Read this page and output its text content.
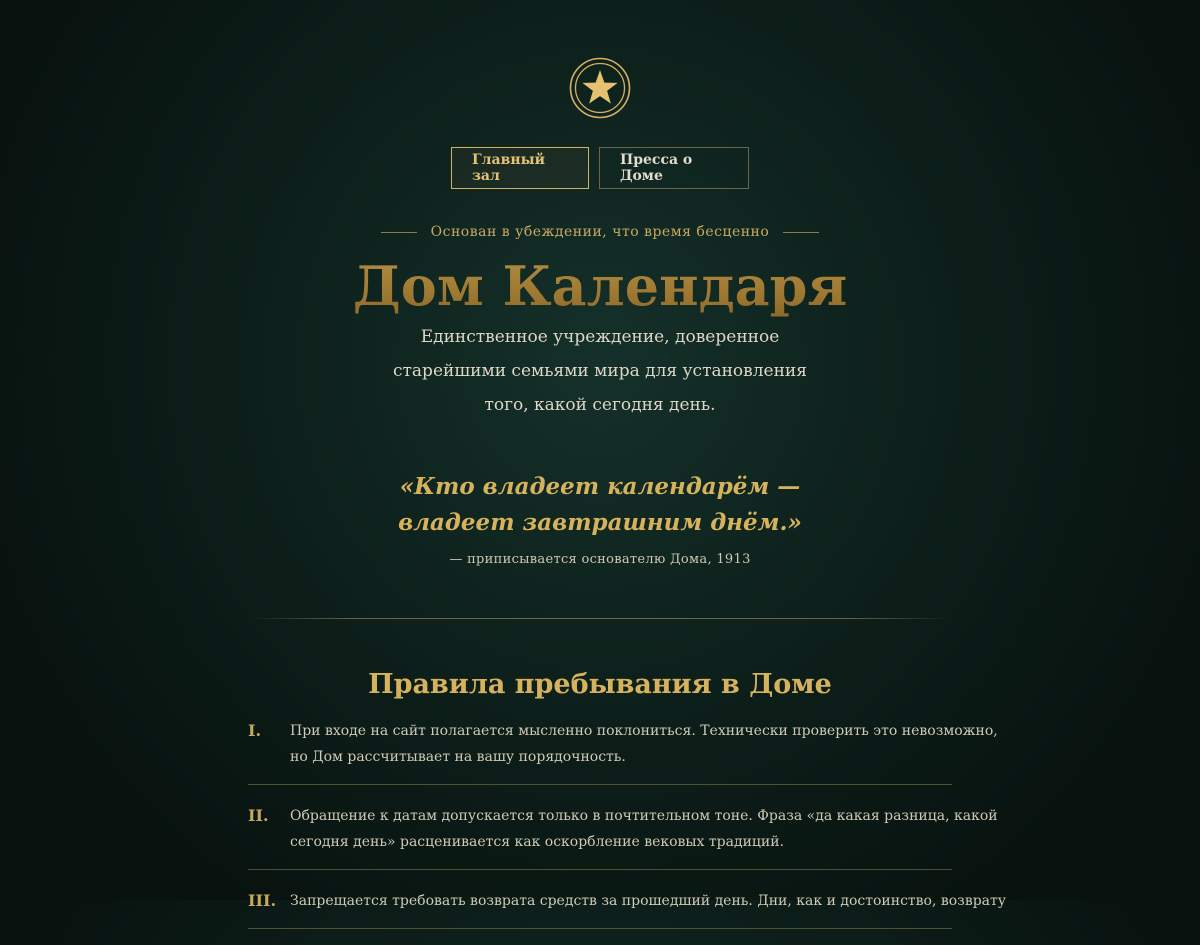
Главный зал
Пресса о Доме
Основан в убеждении, что время бесценно
Дом Календаря

Единственное учреждение, доверенное старейшими семьями мира для установления того, какой сегодня день.

«Кто владеет календарём — владеет завтрашним днём.»

— приписывается основателю Дома, 1913
Правила пребывания в Доме
I.	При входе на сайт полагается мысленно поклониться. Технически проверить это невозможно,
но Дом рассчитывает на вашу порядочность.
II.	Обращение к датам допускается только в почтительном тоне. Фраза «да какая разница, какой
сегодня день» расценивается как оскорбление вековых традиций.
III. Запрещается требовать возврата средств за прошедший день. Дни, как и достоинство, возврату
